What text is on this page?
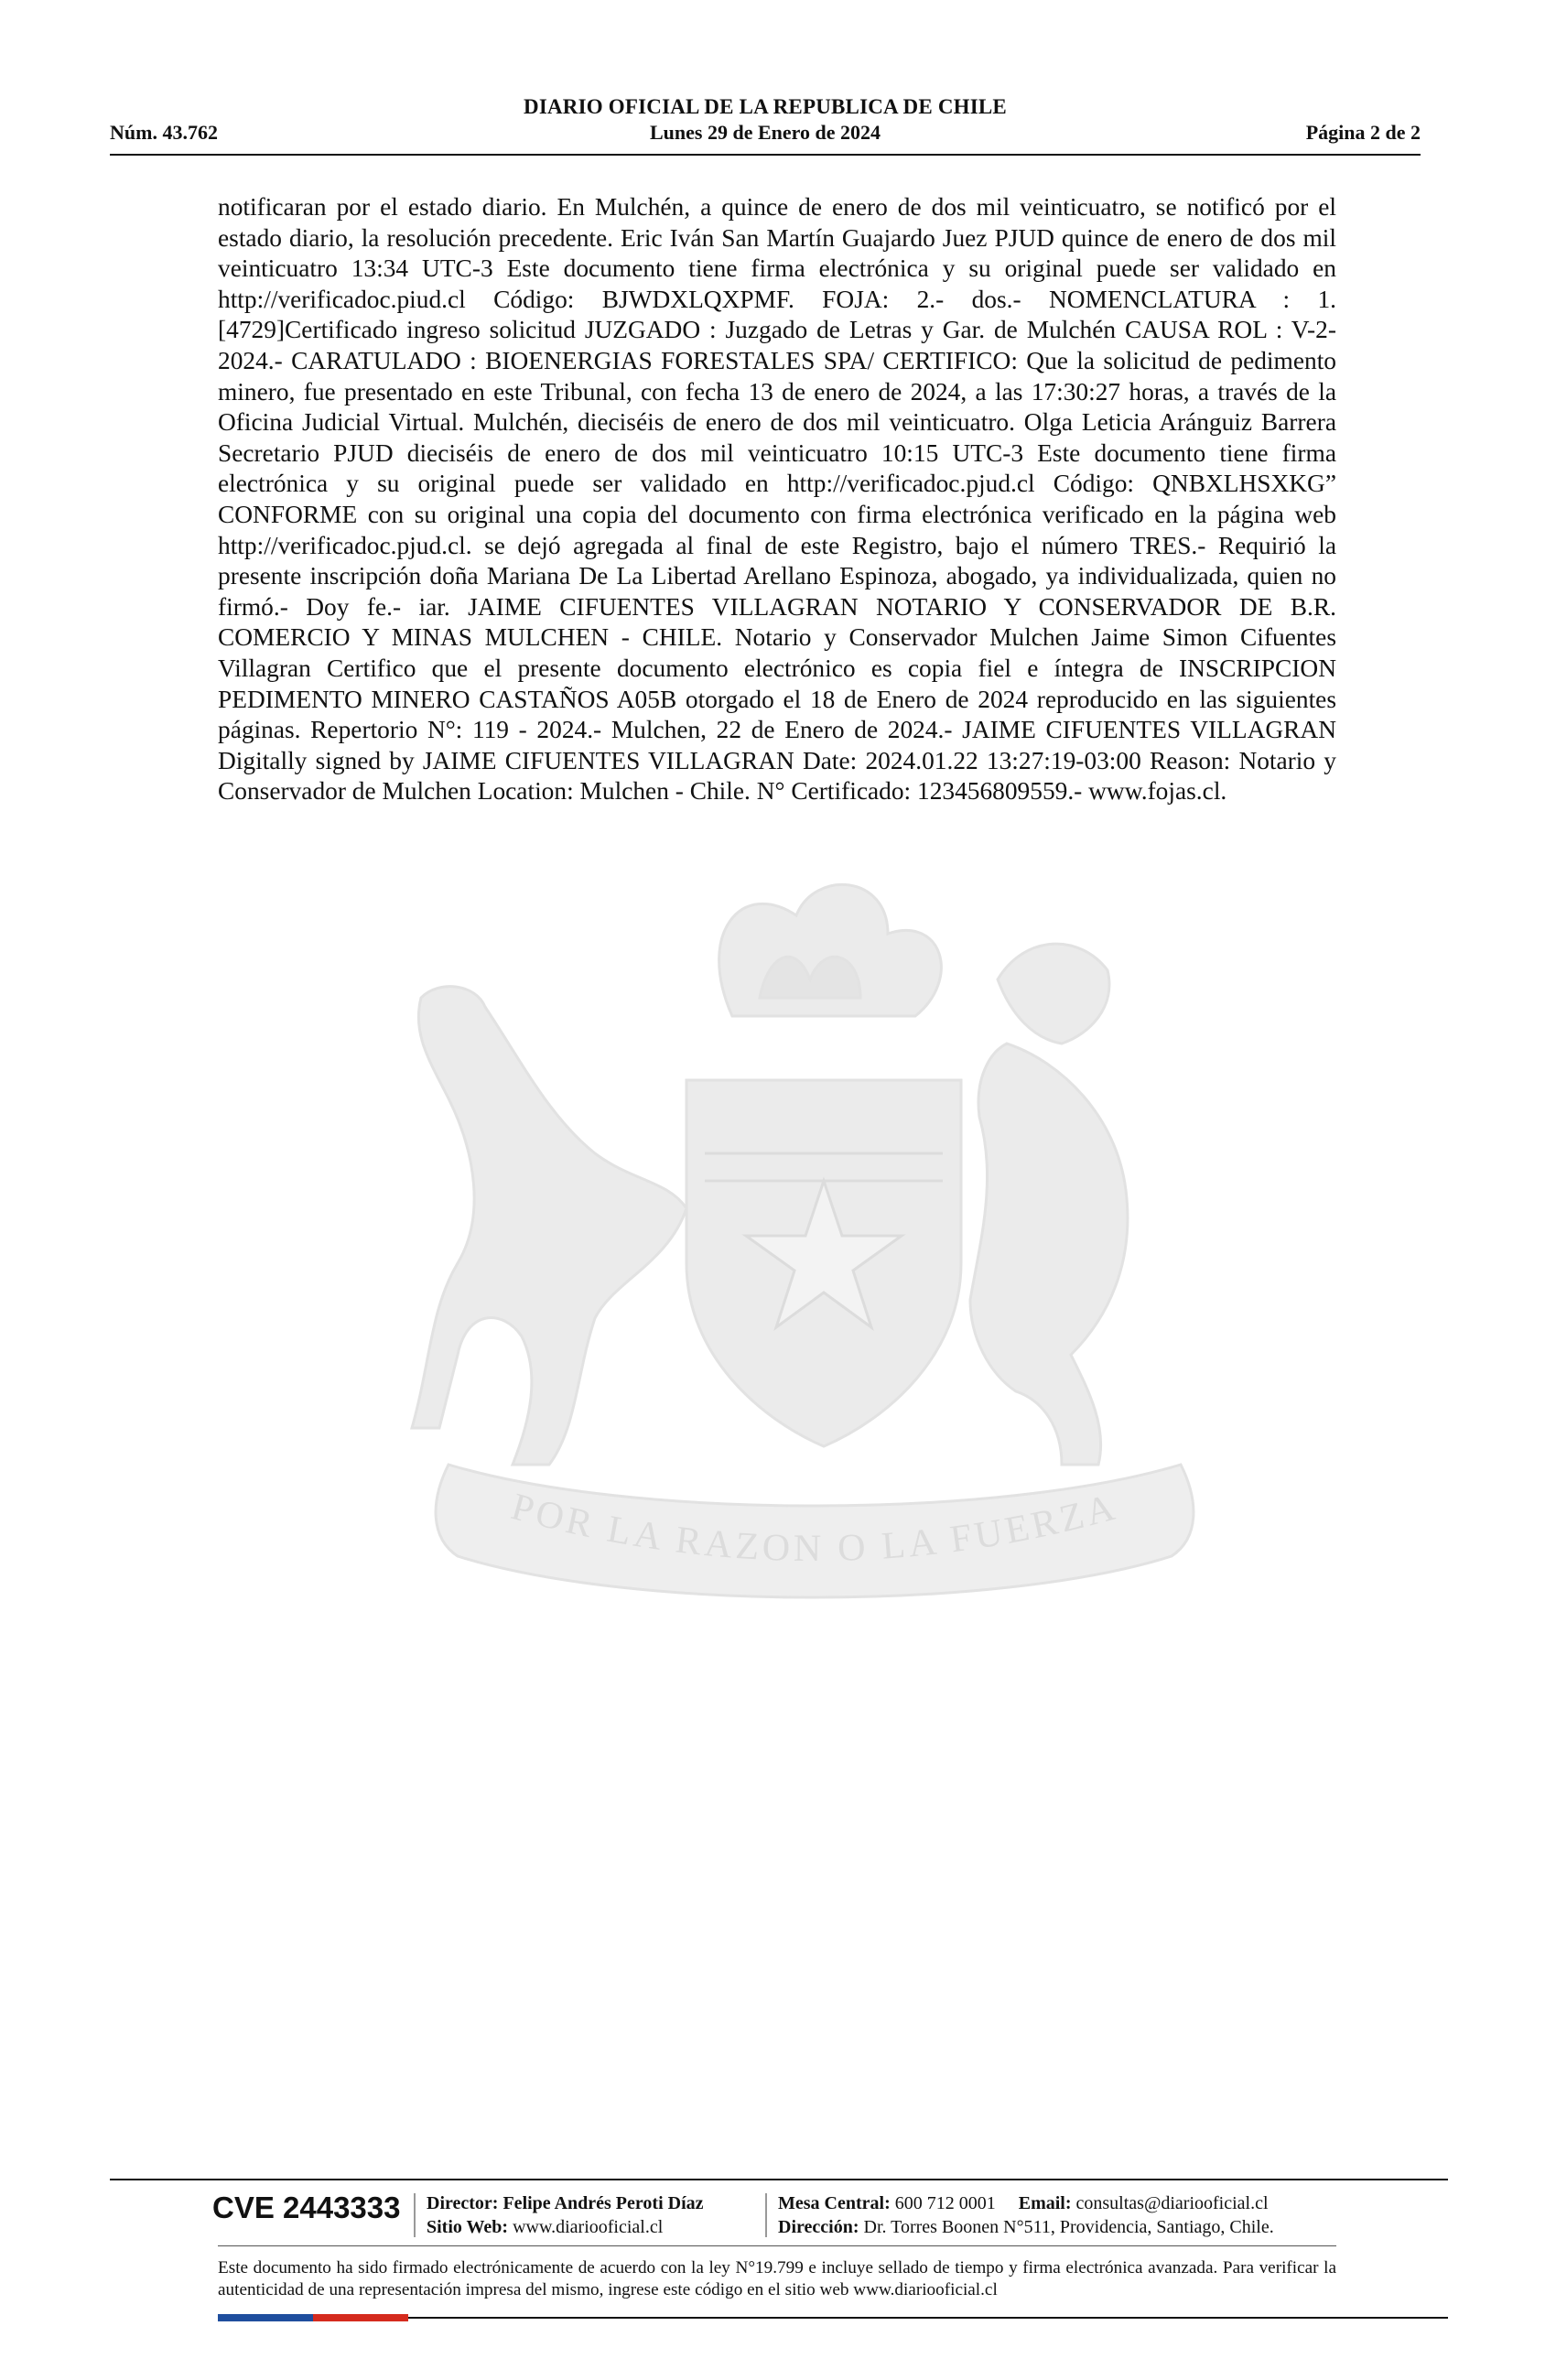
DIARIO OFICIAL DE LA REPUBLICA DE CHILE
Núm. 43.762	Lunes 29 de Enero de 2024	Página 2 de 2
POR LA RAZON O LA FUERZA
notificaran por el estado diario. En Mulchén, a quince de enero de dos mil veinticuatro, se notificó por el estado diario, la resolución precedente. Eric Iván San Martín Guajardo Juez PJUD quince de enero de dos mil veinticuatro 13:34 UTC-3 Este documento tiene firma electrónica y su original puede ser validado en http://verificadoc.piud.cl Código: BJWDXLQXPMF. FOJA: 2.- dos.- NOMENCLATURA : 1. [4729]Certificado ingreso solicitud JUZGADO : Juzgado de Letras y Gar. de Mulchén CAUSA ROL : V-2-2024.- CARATULADO : BIOENERGIAS FORESTALES SPA/ CERTIFICO: Que la solicitud de pedimento minero, fue presentado en este Tribunal, con fecha 13 de enero de 2024, a las 17:30:27 horas, a través de la Oficina Judicial Virtual. Mulchén, dieciséis de enero de dos mil veinticuatro. Olga Leticia Aránguiz Barrera Secretario PJUD dieciséis de enero de dos mil veinticuatro 10:15 UTC-3 Este documento tiene firma electrónica y su original puede ser validado en http://verificadoc.pjud.cl Código: QNBXLHSXKG” CONFORME con su original una copia del documento con firma electrónica verificado en la página web http://verificadoc.pjud.cl. se dejó agregada al final de este Registro, bajo el número TRES.- Requirió la presente inscripción doña Mariana De La Libertad Arellano Espinoza, abogado, ya individualizada, quien no firmó.- Doy fe.- iar. JAIME CIFUENTES VILLAGRAN NOTARIO Y CONSERVADOR DE B.R. COMERCIO Y MINAS MULCHEN - CHILE. Notario y Conservador Mulchen Jaime Simon Cifuentes Villagran Certifico que el presente documento electrónico es copia fiel e íntegra de INSCRIPCION PEDIMENTO MINERO CASTAÑOS A05B otorgado el 18 de Enero de 2024 reproducido en las siguientes páginas. Repertorio N°: 119 - 2024.- Mulchen, 22 de Enero de 2024.- JAIME CIFUENTES VILLAGRAN Digitally signed by JAIME CIFUENTES VILLAGRAN Date: 2024.01.22 13:27:19-03:00 Reason: Notario y Conservador de Mulchen Location: Mulchen - Chile. N° Certificado: 123456809559.- www.fojas.cl.
CVE 2443333 Director: Felipe Andrés Peroti Díaz
Sitio Web: www.diariooficial.cl
Mesa Central: 600 712 0001 Email: consultas@diariooficial.cl
Dirección: Dr. Torres Boonen N°511, Providencia, Santiago, Chile.
Este documento ha sido firmado electrónicamente de acuerdo con la ley N°19.799 e incluye sellado de tiempo y firma electrónica avanzada. Para verificar la autenticidad de una representación impresa del mismo, ingrese este código en el sitio web www.diariooficial.cl
